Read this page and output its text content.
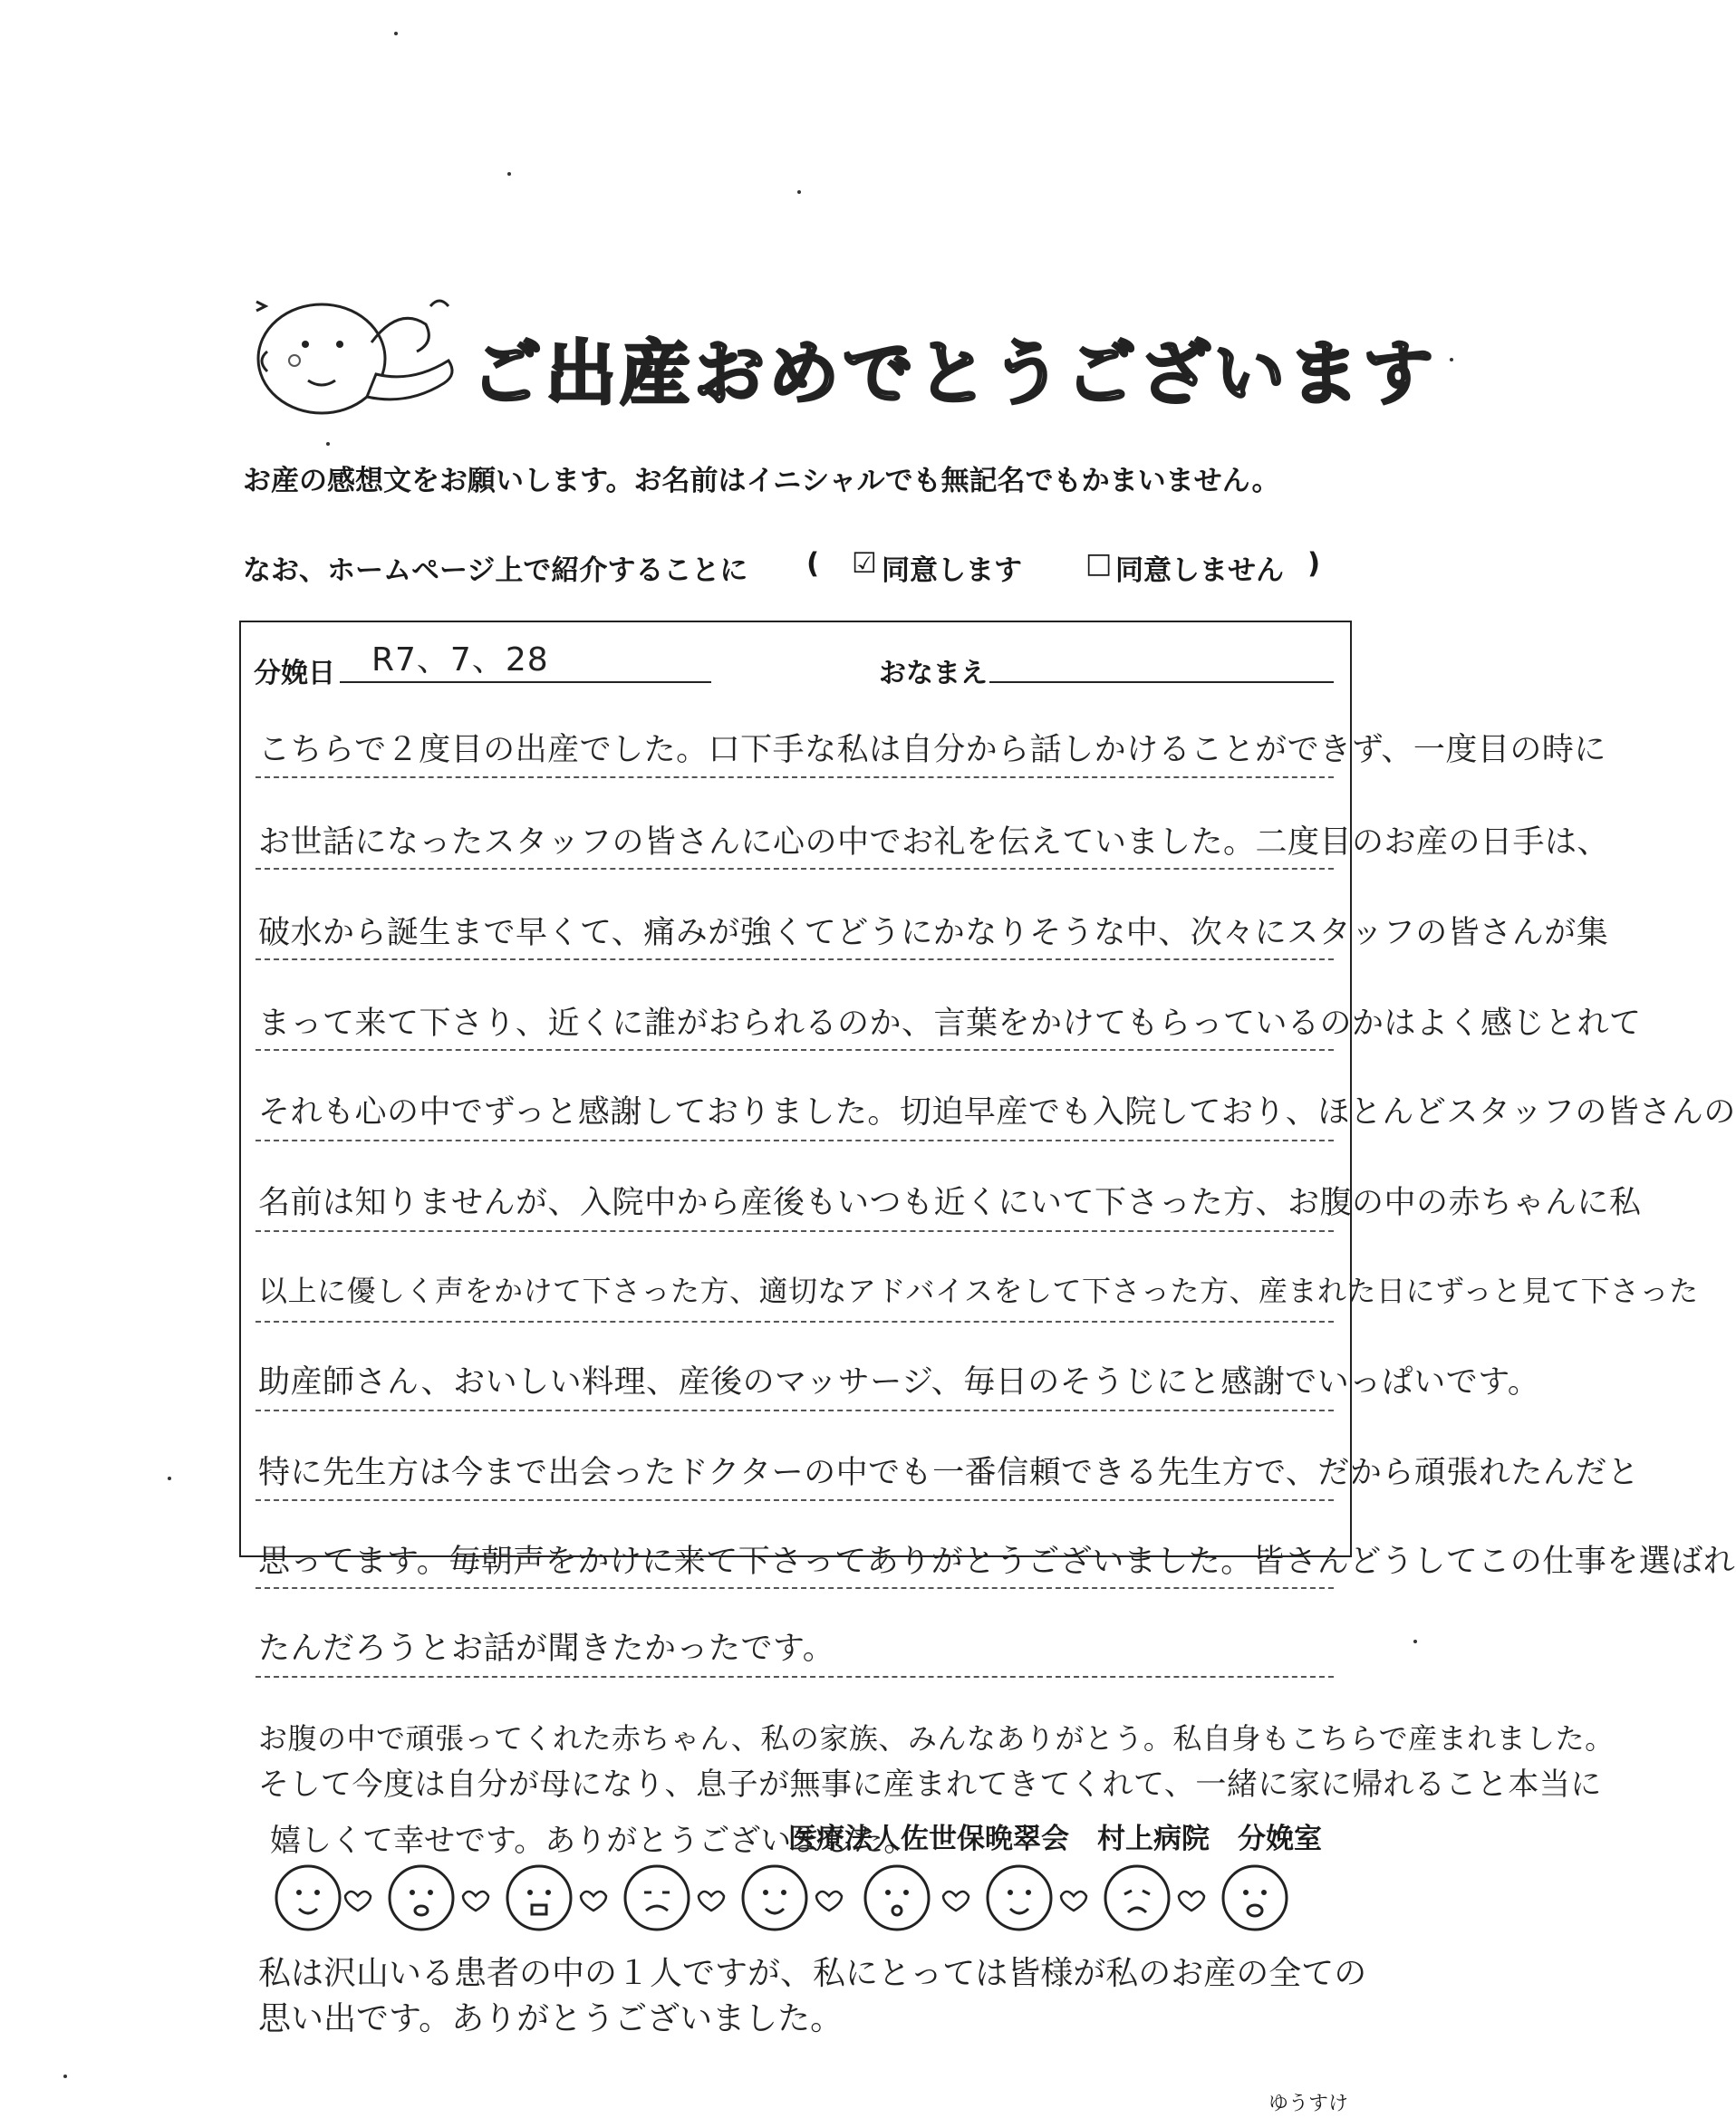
ご出産おめでとうございます
お産の感想文をお願いします。お名前はイニシャルでも無記名でもかまいません。
なお、ホームページ上で紹介することに ( ☑ 同意します □ 同意しません )
分娩日 R7、7、28	おなまえ
こちらで２度目の出産でした。口下手な私は自分から話しかけることができず、一度目の時に
お世話になったスタッフの皆さんに心の中でお礼を伝えていました。二度目のお産の日手は、
破水から誕生まで早くて、痛みが強くてどうにかなりそうな中、次々にスタッフの皆さんが集
まって来て下さり、近くに誰がおられるのか、言葉をかけてもらっているのかはよく感じとれて
それも心の中でずっと感謝しておりました。切迫早産でも入院しており、ほとんどスタッフの皆さんの
名前は知りませんが、入院中から産後もいつも近くにいて下さった方、お腹の中の赤ちゃんに私
以上に優しく声をかけて下さった方、適切なアドバイスをして下さった方、産まれた日にずっと見て下さった
助産師さん、おいしい料理、産後のマッサージ、毎日のそうじにと感謝でいっぱいです。
特に先生方は今まで出会ったドクターの中でも一番信頼できる先生方で、だから頑張れたんだと
思ってます。毎朝声をかけに来て下さってありがとうございました。皆さんどうしてこの仕事を選ばれ
たんだろうとお話が聞きたかったです。
お腹の中で頑張ってくれた赤ちゃん、私の家族、みんなありがとう。私自身もこちらで産まれました。
そして今度は自分が母になり、息子が無事に産まれてきてくれて、一緒に家に帰れること本当に
嬉しくて幸せです。ありがとうございました。
医療法人佐世保晩翠会　村上病院　分娩室
私は沢山いる患者の中の１人ですが、私にとっては皆様が私のお産の全ての
思い出です。ありがとうございました。
ゆうすけ
